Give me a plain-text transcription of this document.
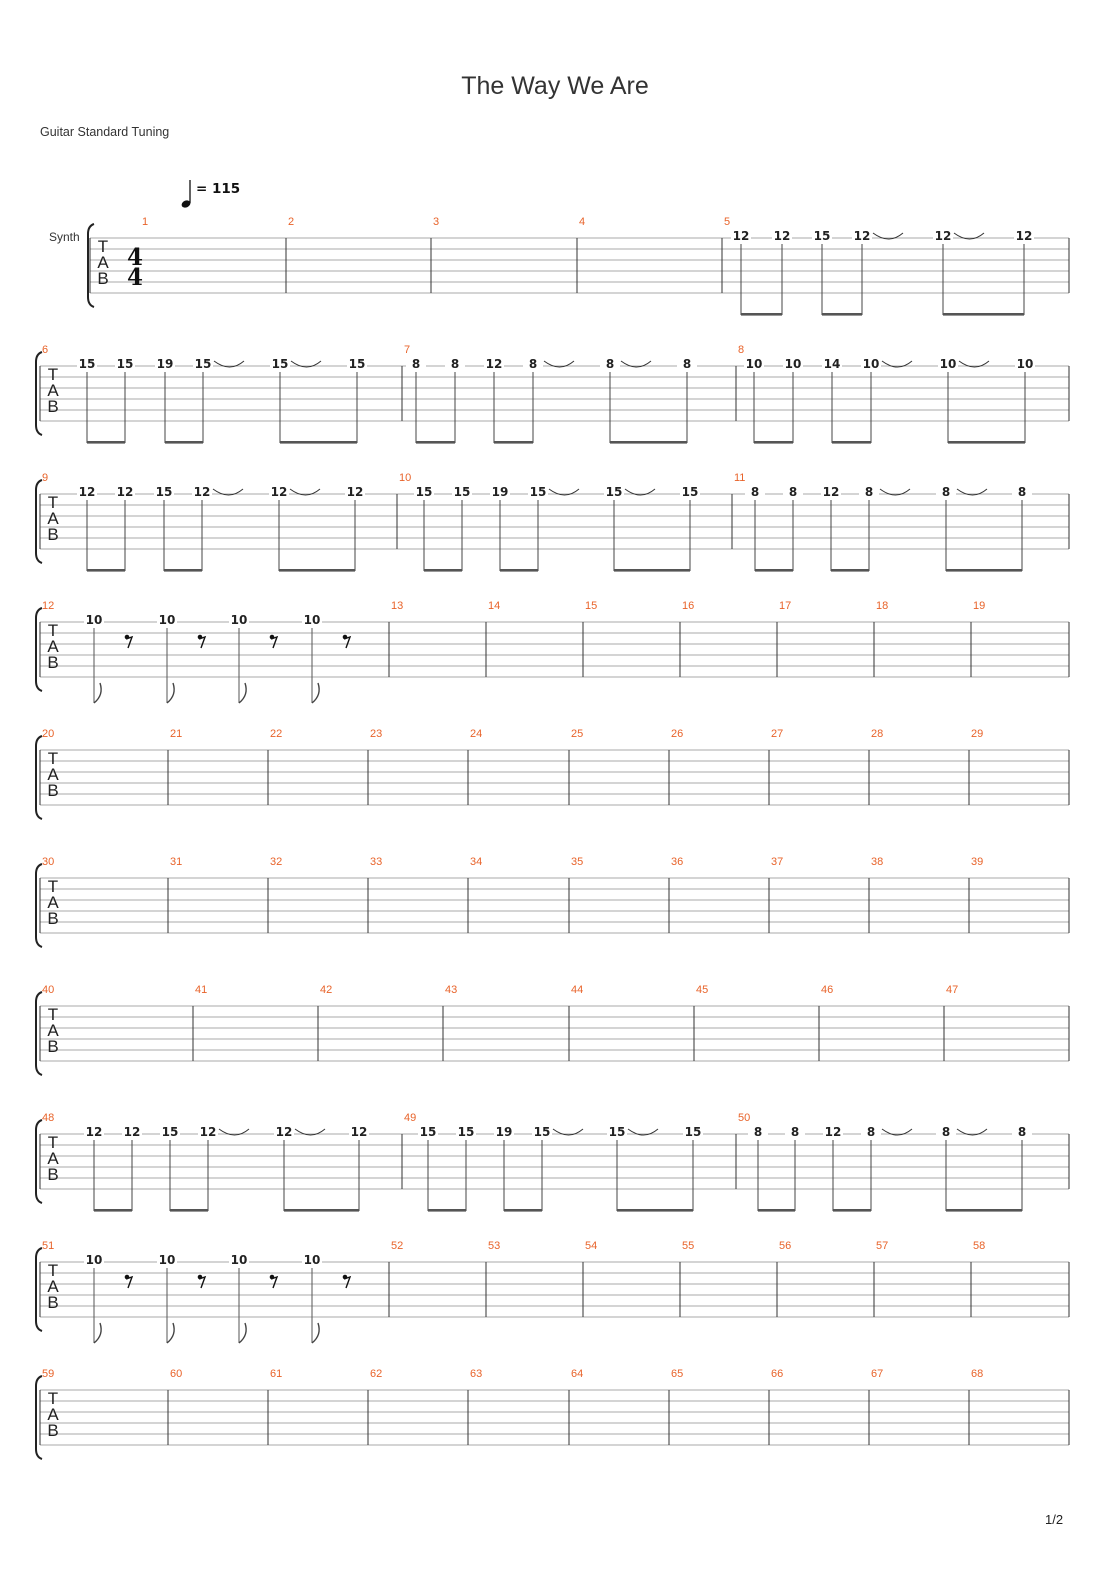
The Way We Are
Guitar Standard Tuning
= 115
Synth T
A
B
4
4
1	2	3	4	5
12 12 15 12	12	12
T
A
B
6
15 15 19 15	15	15
7
8	8 12 8	8	8
8
10 10 14 10	10	10
T
A
B
9
12 12 15 12	12	12
10
15 15 19 15	15	15
11
8 8 12 8	8	8
T
A
B
12
10	10	10	10
13	14	15	16	17	18	19
T
A
B
20	21	22	23	24	25	26	27	28	29
T
A
B
30	31	32	33	34	35	36	37	38	39
T
A
B
40	41	42	43	44	45	46	47
T
A
B
48
12 12 15 12	12	12
49
15 15 19 15	15	15
50
8 8 12 8	8	8
T
A
B
51
10	10	10	10
52	53	54	55	56	57	58
T
A
B
59	60	61	62	63	64	65	66	67	68
1/2
